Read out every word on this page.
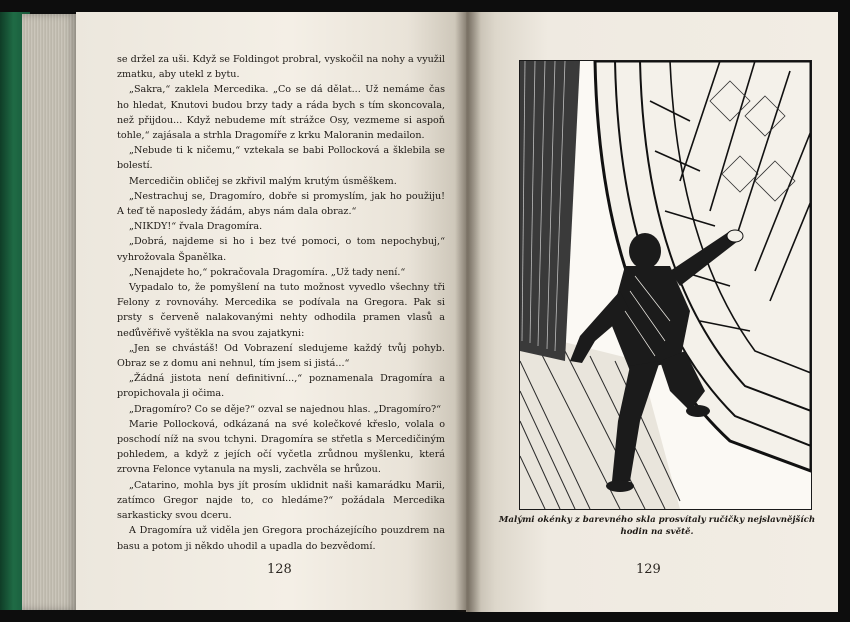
se držel za uši. Když se Foldingot probral, vyskočil na nohy a využil zmatku, aby utekl z bytu.

„Sakra,“ zaklela Mercedika. „Co se dá dělat... Už nemáme čas ho hledat, Knutovi budou brzy tady a ráda bych s tím skoncovala, než přijdou... Když nebudeme mít strážce Osy, vezmeme si aspoň tohle,“ zajásala a strhla Dragomíře z krku Maloranin medailon.

„Nebude ti k ničemu,“ vztekala se babi Pollocková a šklebila se bolestí.

Mercedičin obličej se zkřivil malým krutým úsměškem.

„Nestrachuj se, Dragomíro, dobře si promyslím, jak ho použiju! A teď tě naposledy žádám, abys nám dala obraz.“

„NIKDY!“ řvala Dragomíra.

„Dobrá, najdeme si ho i bez tvé pomoci, o tom nepochybuj,“ vyhrožovala Španělka.

„Nenajdete ho,“ pokračovala Dragomíra. „Už tady není.“

Vypadalo to, že pomyšlení na tuto možnost vyvedlo všechny tři Felony z rovnováhy. Mercedika se podívala na Gregora. Pak si prsty s červeně nalakovanými nehty odhodila pramen vlasů a neďůvěřivě vyštěkla na svou zajatkyni:

„Jen se chvástáš! Od Vobrazení sledujeme každý tvůj pohyb. Obraz se z domu ani nehnul, tím jsem si jistá...“

„Žádná jistota není definitivní...,“ poznamenala Dragomíra a propichovala ji očima.

„Dragomíro? Co se děje?“ ozval se najednou hlas. „Dragomíro?“

Marie Pollocková, odkázaná na své kolečkové křeslo, volala o poschodí níž na svou tchyni. Dragomíra se střetla s Mercedičiným pohledem, a když z jejích očí vyčetla zrůdnou myšlenku, která zrovna Felonce vytanula na mysli, zachvěla se hrůzou.

„Catarino, mohla bys jít prosím uklidnit naši kamarádku Marii, zatímco Gregor najde to, co hledáme?“ požádala Mercedika sarkasticky svou dceru.

A Dragomíra už viděla jen Gregora procházejícího pouzdrem na basu a potom ji někdo uhodil a upadla do bezvědomí.

128
Malými okénky z barevného skla prosvítaly ručičky nejslavnějších hodin na světě.
129
